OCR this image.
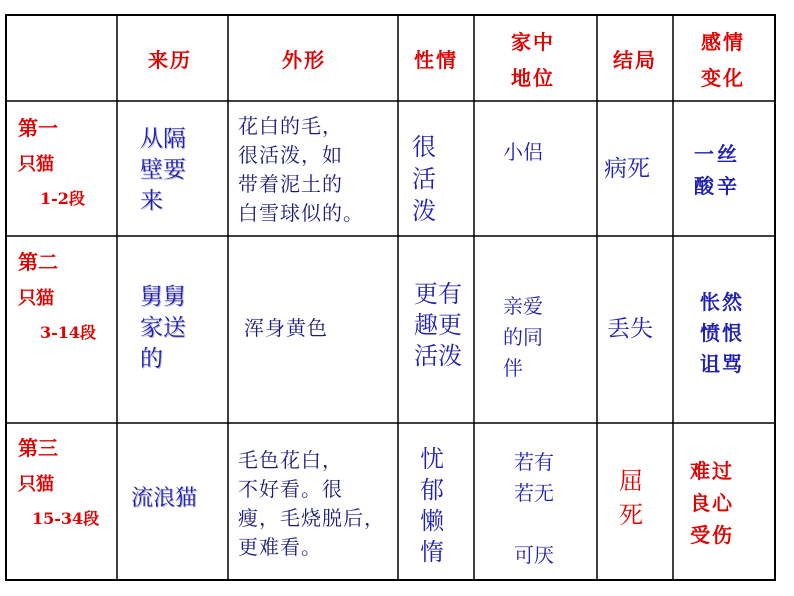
来历	外形	性情
家中
地位
结局
感情
变化
第一
只猫
1-2段
从隔
壁要
来
花白的毛，
很活泼，如
带着泥土的
白雪球似的。
很
活
泼
小侣
病死
一丝
酸辛
第二
只猫
3-14段
舅舅
家送
的
浑身黄色
更有
趣更
活泼
亲爱
的同
伴
丢失
怅然
愤恨
诅骂
第三
只猫
15-34段
流浪猫
毛色花白，
不好看。很
瘦，毛烧脱后，
更难看。
忧
郁
懒
惰
若有
若无
可厌
屈死
难过
良心
受伤
